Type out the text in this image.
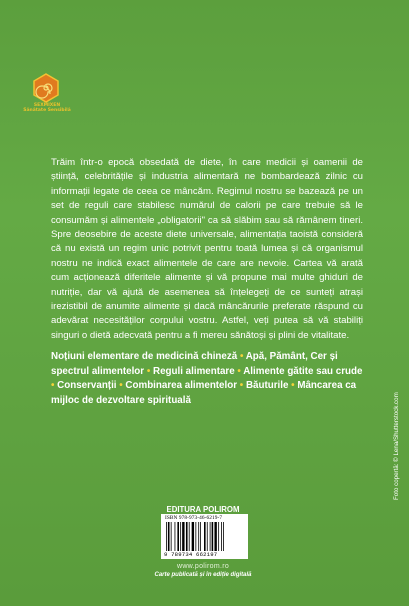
SEXMIXEN
Sănătate Sensibilă

Trăim într-o epocă obsedată de diete, în care medicii și oamenii de știință, celebritățile și industria alimentară ne bombardează zilnic cu informații legate de ceea ce mâncăm. Regimul nostru se bazează pe un set de reguli care stabilesc numărul de calorii pe care trebuie să le consumăm și alimentele „obligatorii" ca să slăbim sau să rămânem tineri. Spre deosebire de aceste diete universale, alimentația taoistă consideră că nu există un regim unic potrivit pentru toată lumea și că organismul nostru ne indică exact alimentele de care are nevoie. Cartea vă arată cum acționează diferitele alimente și vă propune mai multe ghiduri de nutriție, dar vă ajută de asemenea să înțelegeți de ce sunteți atrași irezistibil de anumite alimente și dacă mâncărurile preferate răspund cu adevărat necesităților corpului vostru. Astfel, veți putea să vă stabiliți singuri o dietă adecvată pentru a fi mereu sănătoși și plini de vitalitate.

Noțiuni elementare de medicină chineză • Apă, Pământ, Cer și spectrul alimentelor • Reguli alimentare • Alimente gătite sau crude • Conservanții • Combinarea alimentelor • Băuturile • Mâncarea ca mijloc de dezvoltare spirituală

EDITURA POLIROM
ISBN 978-973-46-6219-7
9 789734 662197
www.polirom.ro
Carte publicată și în ediție digitală
Foto copertă: © Lena/Shutterstock.com
